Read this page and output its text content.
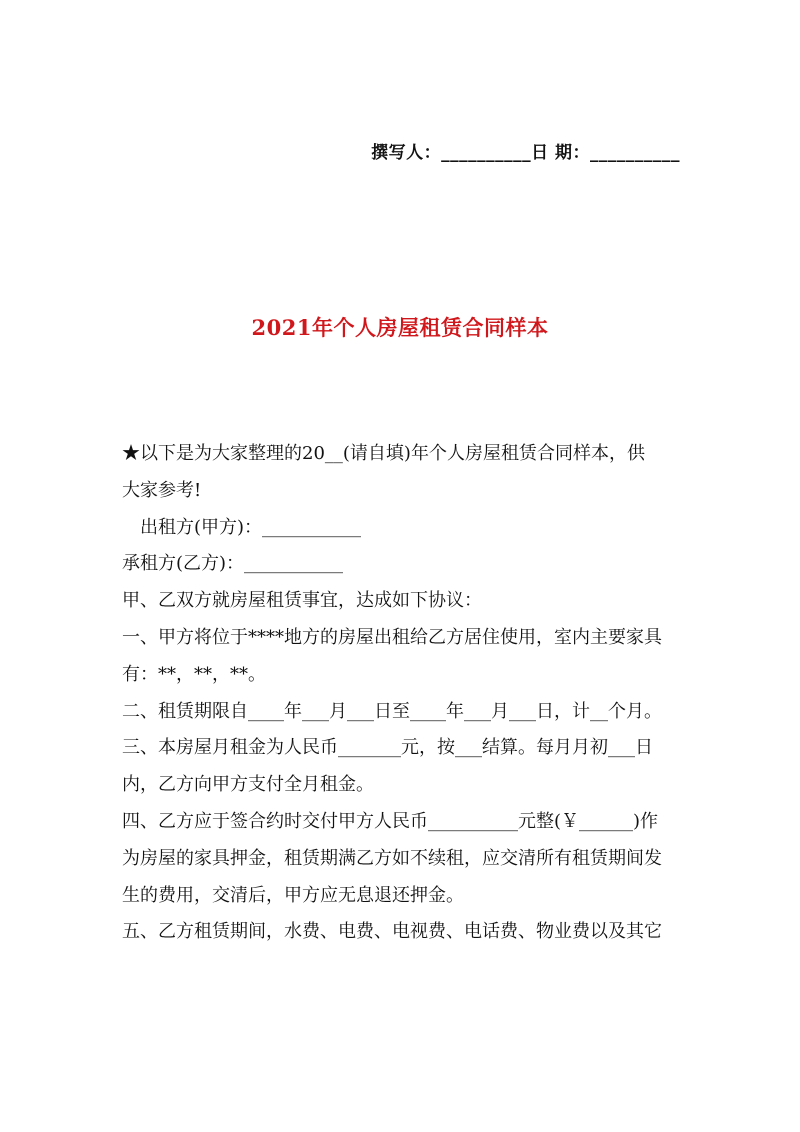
撰写人：__________日 期：__________
2021年个人房屋租赁合同样本
★以下是为大家整理的20__(请自填)年个人房屋租赁合同样本，供
大家参考!
出租方(甲方)：___________
承租方(乙方)：___________
甲、乙双方就房屋租赁事宜，达成如下协议：
一、甲方将位于****地方的房屋出租给乙方居住使用，室内主要家具
有：**，**，**。
二、租赁期限自____年___月___日至____年___月___日，计__个月。
三、本房屋月租金为人民币_______元，按___结算。每月月初___日
内，乙方向甲方支付全月租金。
四、乙方应于签合约时交付甲方人民币__________元整(￥______)作
为房屋的家具押金，租赁期满乙方如不续租，应交清所有租赁期间发
生的费用，交清后，甲方应无息退还押金。
五、乙方租赁期间，水费、电费、电视费、电话费、物业费以及其它
